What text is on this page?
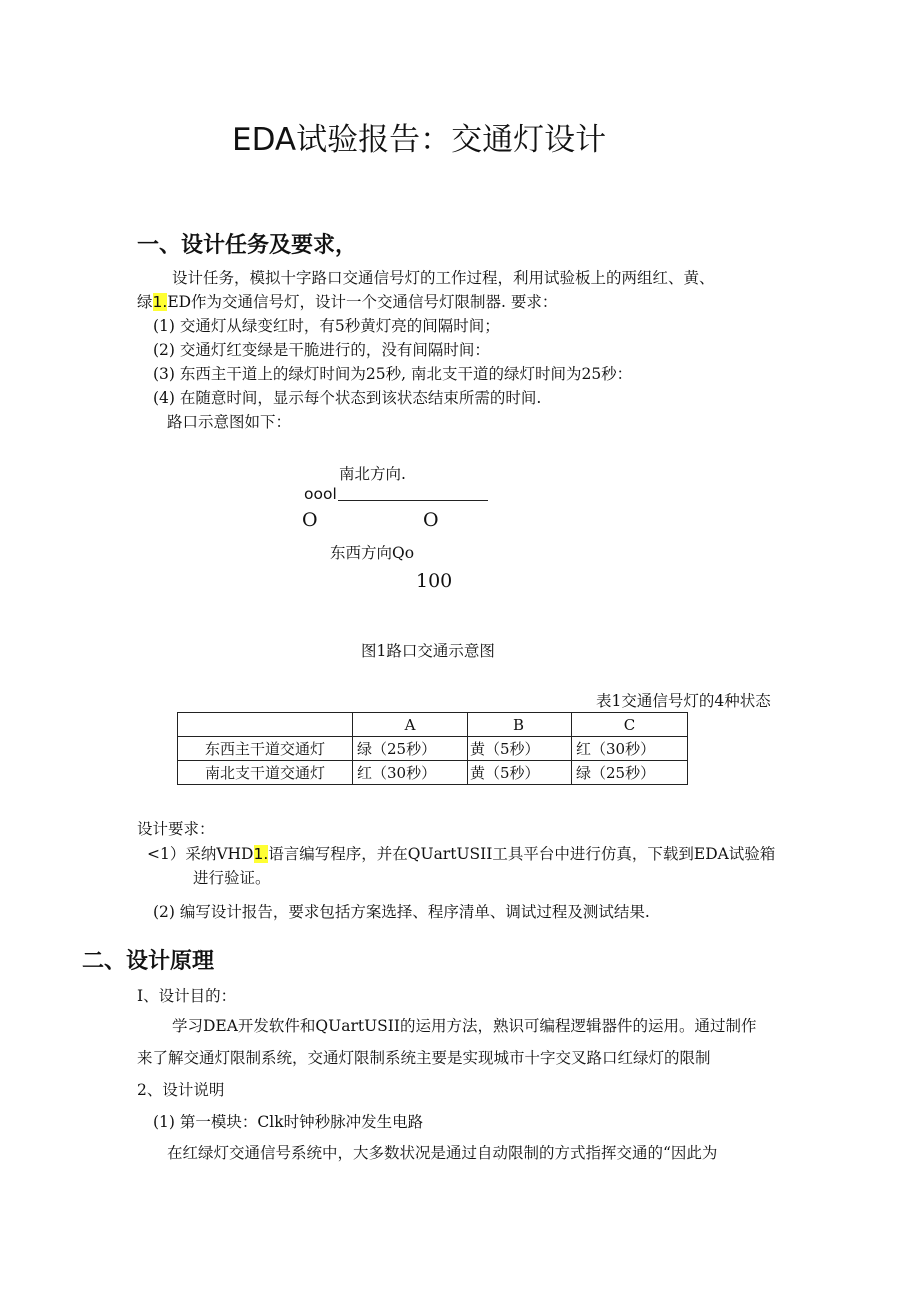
EDA试验报告：交通灯设计
一、设计任务及要求，
设计任务，模拟十字路口交通信号灯的工作过程，利用试验板上的两组红、黄、
绿1.ED作为交通信号灯，设计一个交通信号灯限制器. 要求：
(1) 交通灯从绿变红时，有5秒黄灯亮的间隔时间；
(2) 交通灯红变绿是干脆进行的，没有间隔时间：
(3) 东西主干道上的绿灯时间为25秒, 南北支干道的绿灯时间为25秒：
(4) 在随意时间，显示每个状态到该状态结束所需的时间.
路口示意图如下：
南北方向.
oool
O	O
东西方向Qo
100
图1路口交通示意图
表1交通信号灯的4种状态
	A	B	C
东西主干道交通灯	绿（25秒）	黄（5秒）	红（30秒）
南北支干道交通灯	红（30秒）	黄（5秒）	绿（25秒）
设计要求：
<1）采纳VHD1.语言编写程序，并在QUartUSII工具平台中进行仿真，下载到EDA试验箱
进行验证。
(2) 编写设计报告，要求包括方案选择、程序清单、调试过程及测试结果.
二、设计原理
I、设计目的：
学习DEA开发软件和QUartUSII的运用方法，熟识可编程逻辑器件的运用。通过制作
来了解交通灯限制系统，交通灯限制系统主要是实现城市十字交叉路口红绿灯的限制
2、设计说明
(1) 第一模块：Clk时钟秒脉冲发生电路
在红绿灯交通信号系统中，大多数状况是通过自动限制的方式指挥交通的“因此为
